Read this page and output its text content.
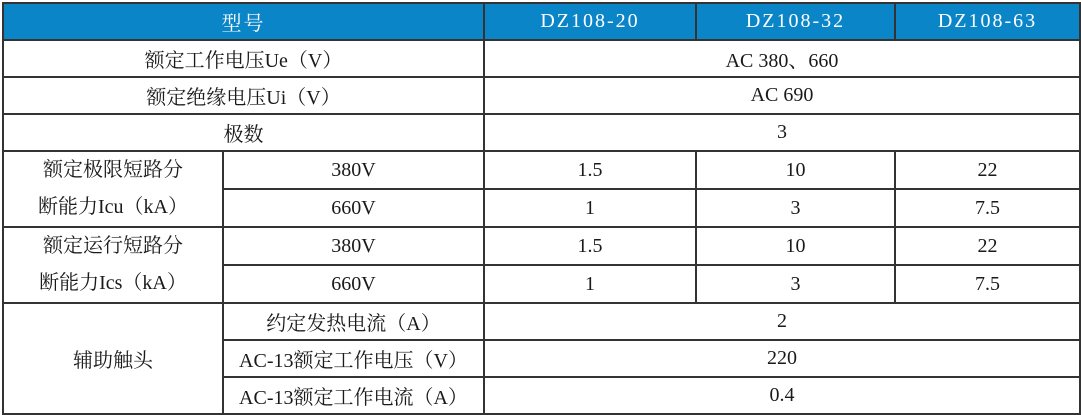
型号		DZ108-20	DZ108-32	DZ108-63
额定工作电压Ue（V）		AC 380、660		
额定绝缘电压Ui（V）		AC 690		
极数		3		

额定极限短路分
断能力Icu（kA）	380V	1.5	10	22
	660V	1	3	7.5

额定运行短路分
断能力Ics（kA）	380V	1.5	10	22
	660V	1	3	7.5
辅助触头	约定发热电流（A）	2		
	AC-13额定工作电压（V）	220		
	AC-13额定工作电流（A）	0.4		
